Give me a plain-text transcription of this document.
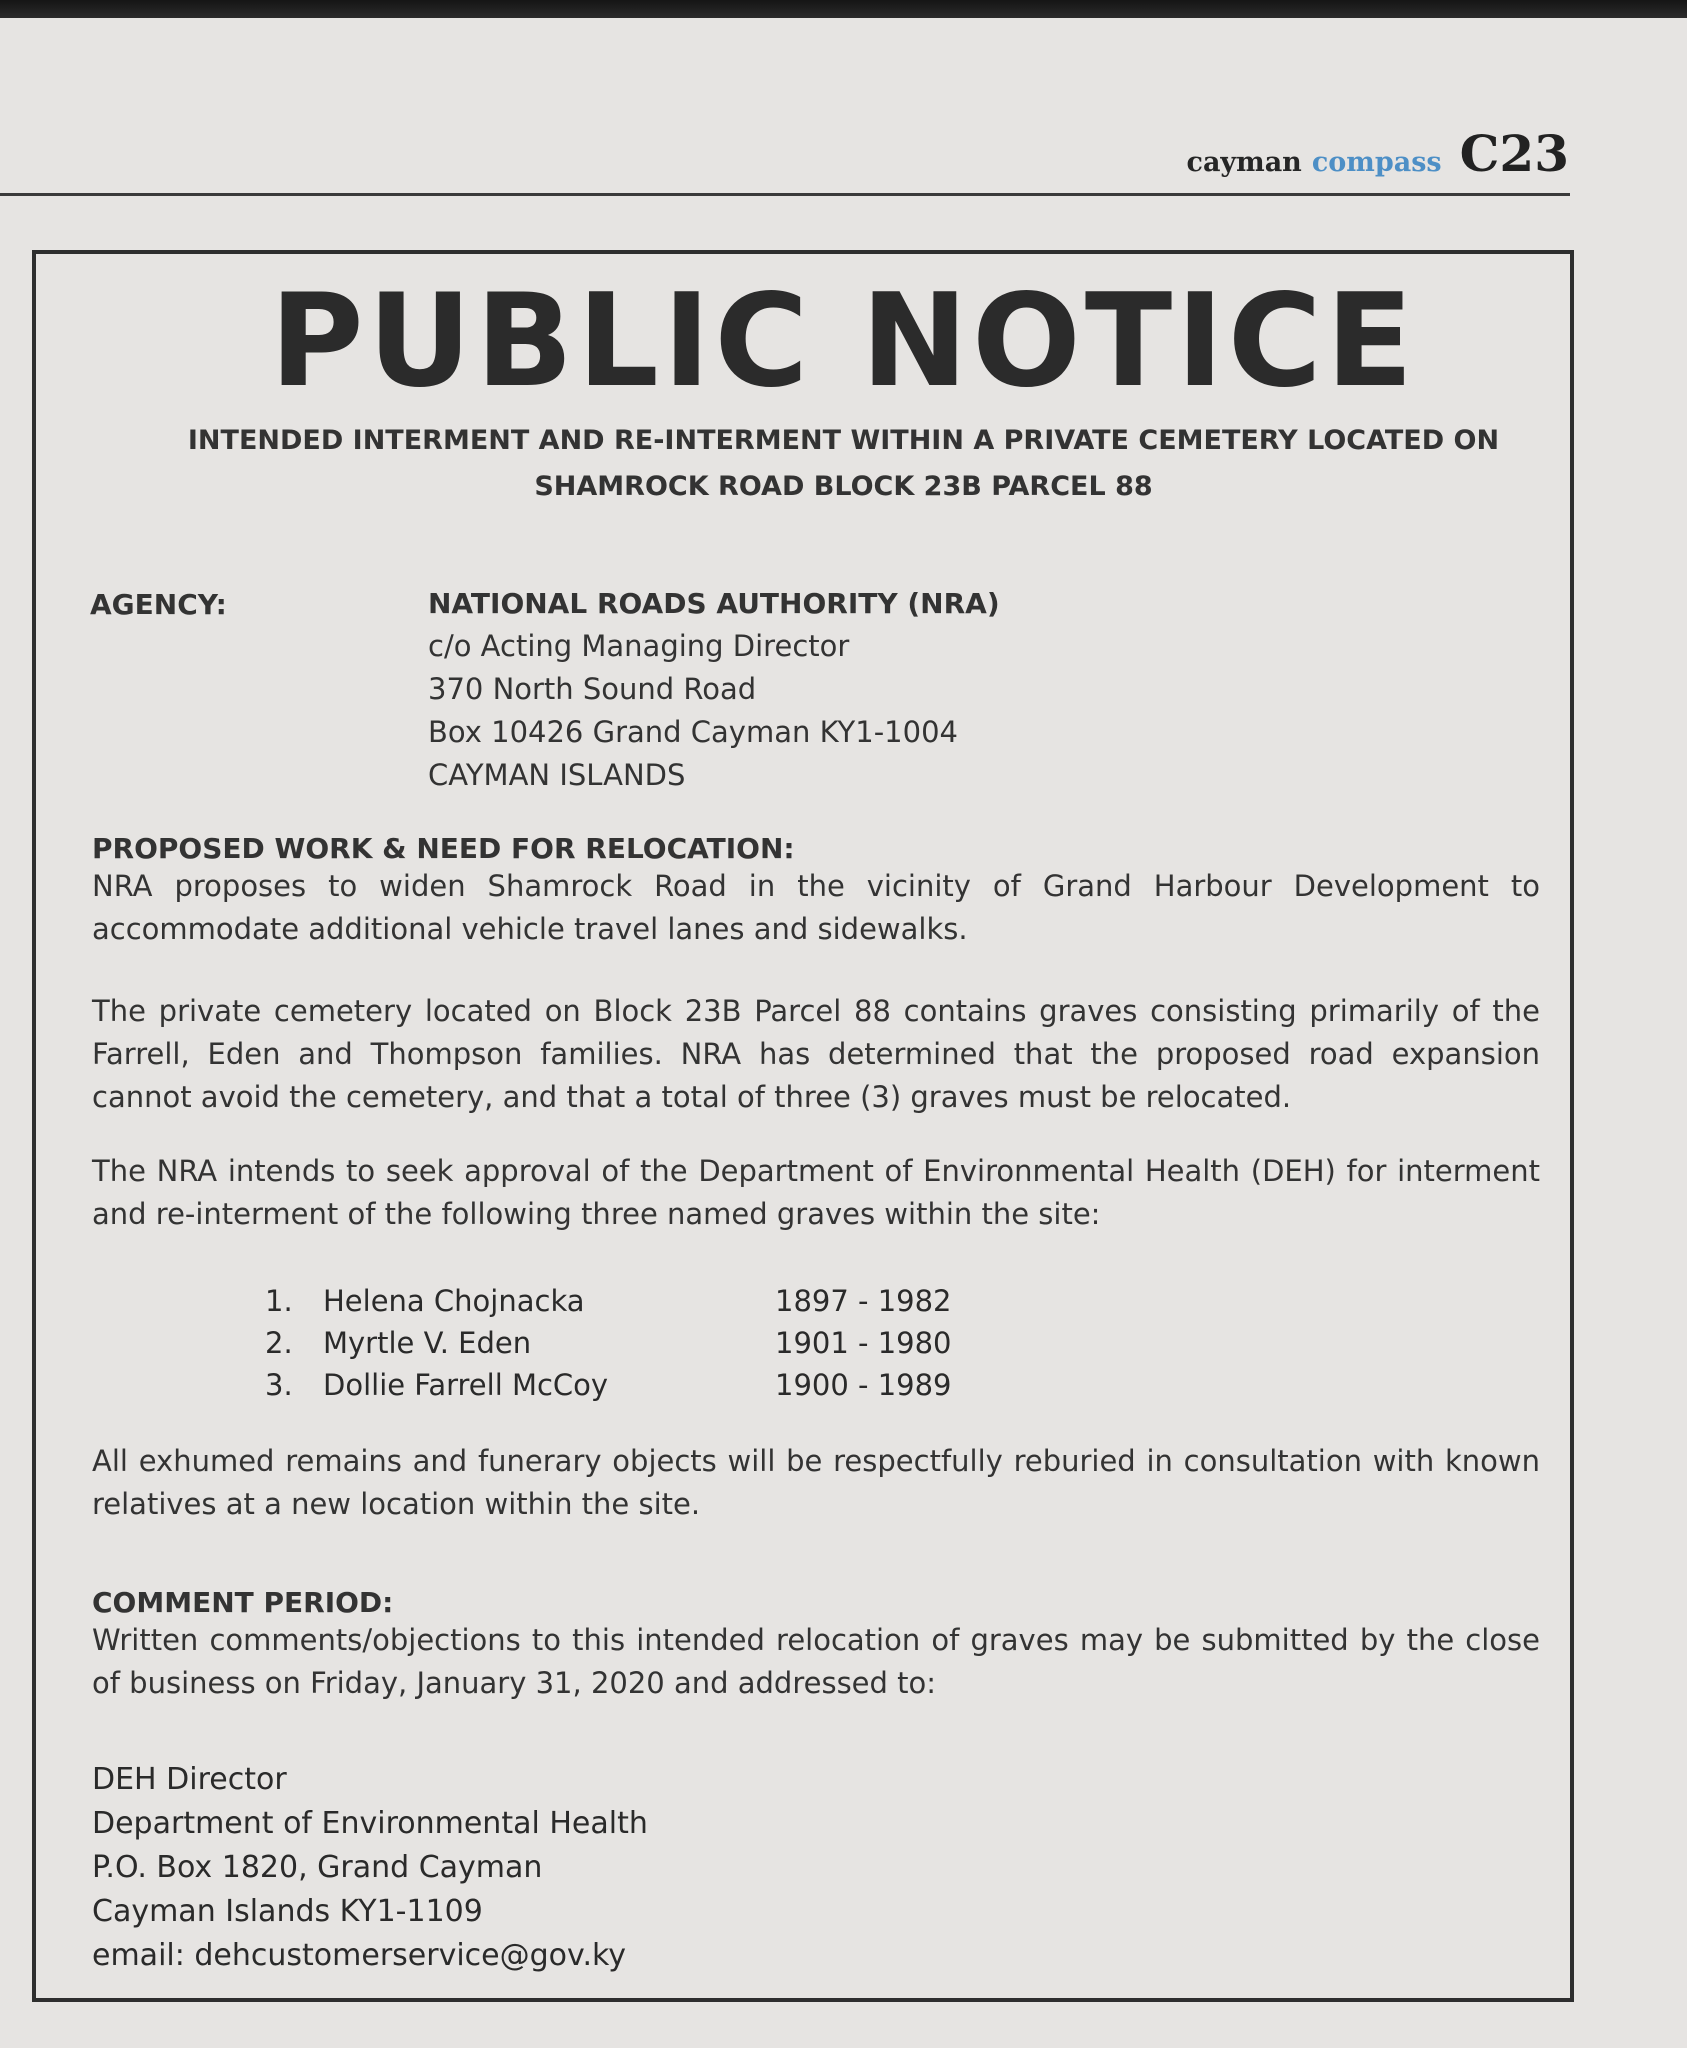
cayman compass C23
PUBLIC NOTICE
INTENDED INTERMENT AND RE-INTERMENT WITHIN A PRIVATE CEMETERY LOCATED ON
SHAMROCK ROAD BLOCK 23B PARCEL 88
AGENCY:	NATIONAL ROADS AUTHORITY (NRA)
c/o Acting Managing Director
370 North Sound Road
Box 10426 Grand Cayman KY1-1004
CAYMAN ISLANDS
PROPOSED WORK & NEED FOR RELOCATION:

NRA proposes to widen Shamrock Road in the vicinity of Grand Harbour Development to accommodate additional vehicle travel lanes and sidewalks.

The private cemetery located on Block 23B Parcel 88 contains graves consisting primarily of the Farrell, Eden and Thompson families. NRA has determined that the proposed road expansion cannot avoid the cemetery, and that a total of three (3) graves must be relocated.

The NRA intends to seek approval of the Department of Environmental Health (DEH) for interment and re-interment of the following three named graves within the site:

1.	Helena Chojnacka	1897 - 1982
2.	Myrtle V. Eden	1901 - 1980
3.	Dollie Farrell McCoy	1900 - 1989

All exhumed remains and funerary objects will be respectfully reburied in consultation with known relatives at a new location within the site.

COMMENT PERIOD:

Written comments/objections to this intended relocation of graves may be submitted by the close of business on Friday, January 31, 2020 and addressed to:

DEH Director
Department of Environmental Health
P.O. Box 1820, Grand Cayman
Cayman Islands KY1-1109
email: dehcustomerservice@gov.ky
